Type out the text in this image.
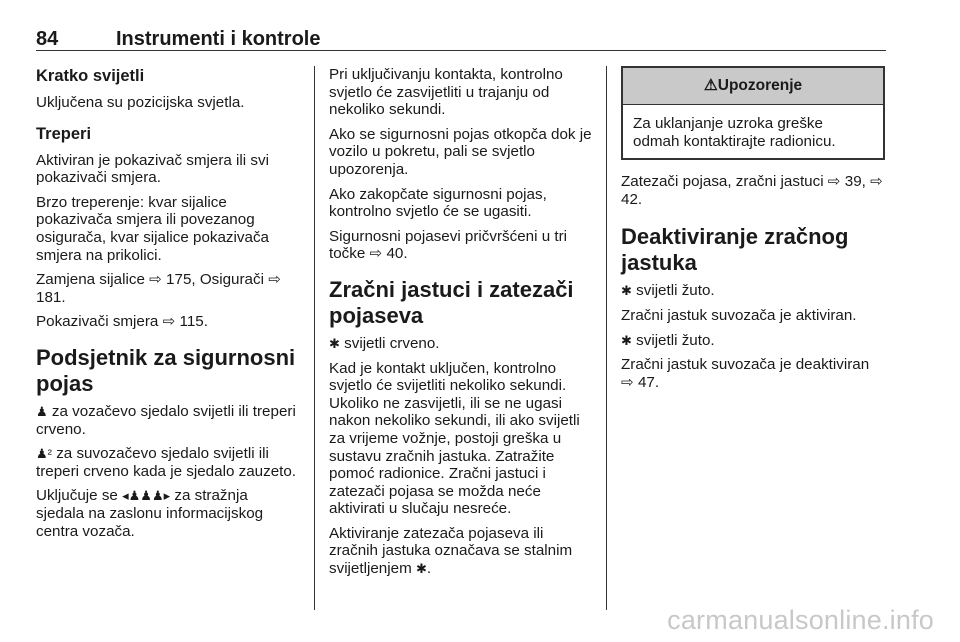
84	Instrumenti i kontrole
Kratko svijetli

Uključena su pozicijska svjetla.

Treperi

Aktiviran je pokazivač smjera ili svi pokazivači smjera.

Brzo treperenje: kvar sijalice pokazivača smjera ili povezanog osigurača, kvar sijalice pokazivača smjera na prikolici.

Zamjena sijalice ⇨ 175, Osigurači ⇨ 181.

Pokazivači smjera ⇨ 115.

Podsjetnik za sigurnosni pojas

♟ za vozačevo sjedalo svijetli ili treperi crveno.

♟² za suvozačevo sjedalo svijetli ili treperi crveno kada je sjedalo zauzeto.

Uključuje se ◂♟♟♟▸ za stražnja sjedala na zaslonu informacijskog centra vozača.

Pri uključivanju kontakta, kontrolno svjetlo će zasvijetliti u trajanju od nekoliko sekundi.

Ako se sigurnosni pojas otkopča dok je vozilo u pokretu, pali se svjetlo upozorenja.

Ako zakopčate sigurnosni pojas, kontrolno svjetlo će se ugasiti.

Sigurnosni pojasevi pričvršćeni u tri točke ⇨ 40.

Zračni jastuci i zatezači pojaseva

✱ svijetli crveno.

Kad je kontakt uključen, kontrolno svjetlo će svijetliti nekoliko sekundi. Ukoliko ne zasvijetli, ili se ne ugasi nakon nekoliko sekundi, ili ako svijetli za vrijeme vožnje, postoji greška u sustavu zračnih jastuka. Zatražite pomoć radionice. Zračni jastuci i zatezači pojasa se možda neće aktivirati u slučaju nesreće.

Aktiviranje zatezača pojaseva ili zračnih jastuka označava se stalnim svijetljenjem ✱.

⚠Upozorenje
Za uklanjanje uzroka greške odmah kontaktirajte radionicu.

Zatezači pojasa, zračni jastuci ⇨ 39, ⇨ 42.

Deaktiviranje zračnog jastuka

✱ svijetli žuto.

Zračni jastuk suvozača je aktiviran.

✱ svijetli žuto.

Zračni jastuk suvozača je deaktiviran ⇨ 47.

carmanualsonline.info
